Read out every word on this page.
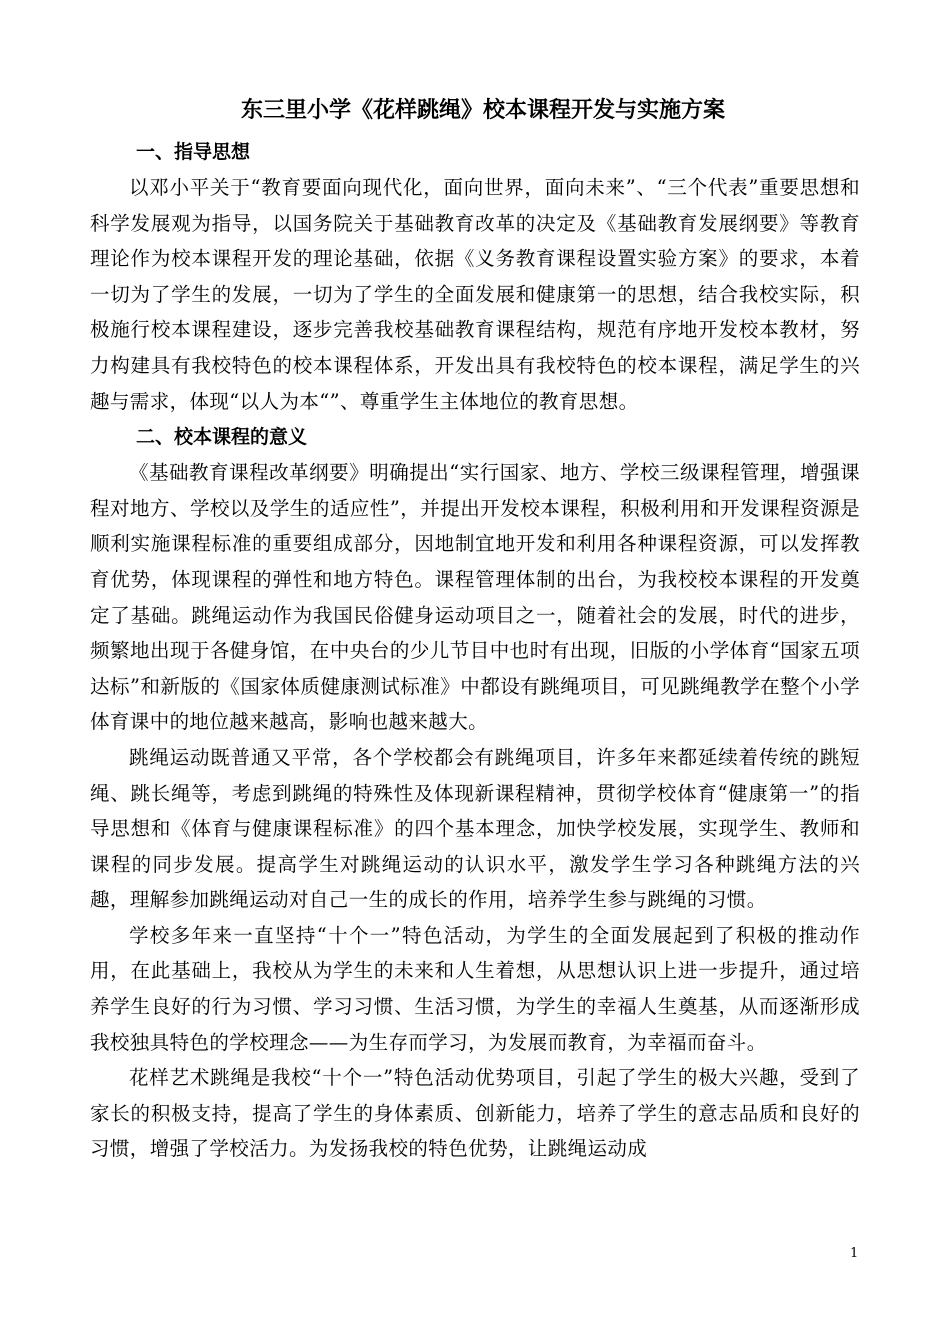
东三里小学《花样跳绳》校本课程开发与实施方案
一、指导思想

以邓小平关于“教育要面向现代化，面向世界，面向未来”、“三个代表”重要思想和科学发展观为指导，以国务院关于基础教育改革的决定及《基础教育发展纲要》等教育理论作为校本课程开发的理论基础，依据《义务教育课程设置实验方案》的要求，本着一切为了学生的发展，一切为了学生的全面发展和健康第一的思想，结合我校实际，积极施行校本课程建设，逐步完善我校基础教育课程结构，规范有序地开发校本教材，努力构建具有我校特色的校本课程体系，开发出具有我校特色的校本课程，满足学生的兴趣与需求，体现“以人为本“”、尊重学生主体地位的教育思想。

二、校本课程的意义

《基础教育课程改革纲要》明确提出“实行国家、地方、学校三级课程管理，增强课程对地方、学校以及学生的适应性”，并提出开发校本课程，积极利用和开发课程资源是顺利实施课程标准的重要组成部分，因地制宜地开发和利用各种课程资源，可以发挥教育优势，体现课程的弹性和地方特色。课程管理体制的出台，为我校校本课程的开发奠定了基础。跳绳运动作为我国民俗健身运动项目之一，随着社会的发展，时代的进步，频繁地出现于各健身馆，在中央台的少儿节目中也时有出现，旧版的小学体育“国家五项达标”和新版的《国家体质健康测试标准》中都设有跳绳项目，可见跳绳教学在整个小学体育课中的地位越来越高，影响也越来越大。

跳绳运动既普通又平常，各个学校都会有跳绳项目，许多年来都延续着传统的跳短绳、跳长绳等，考虑到跳绳的特殊性及体现新课程精神，贯彻学校体育“健康第一”的指导思想和《体育与健康课程标准》的四个基本理念，加快学校发展，实现学生、教师和课程的同步发展。提高学生对跳绳运动的认识水平，激发学生学习各种跳绳方法的兴趣，理解参加跳绳运动对自己一生的成长的作用，培养学生参与跳绳的习惯。

学校多年来一直坚持“十个一”特色活动，为学生的全面发展起到了积极的推动作用，在此基础上，我校从为学生的未来和人生着想，从思想认识上进一步提升，通过培养学生良好的行为习惯、学习习惯、生活习惯，为学生的幸福人生奠基，从而逐渐形成我校独具特色的学校理念——为生存而学习，为发展而教育，为幸福而奋斗。

花样艺术跳绳是我校“十个一”特色活动优势项目，引起了学生的极大兴趣，受到了家长的积极支持，提高了学生的身体素质、创新能力，培养了学生的意志品质和良好的习惯，增强了学校活力。为发扬我校的特色优势，让跳绳运动成

1
